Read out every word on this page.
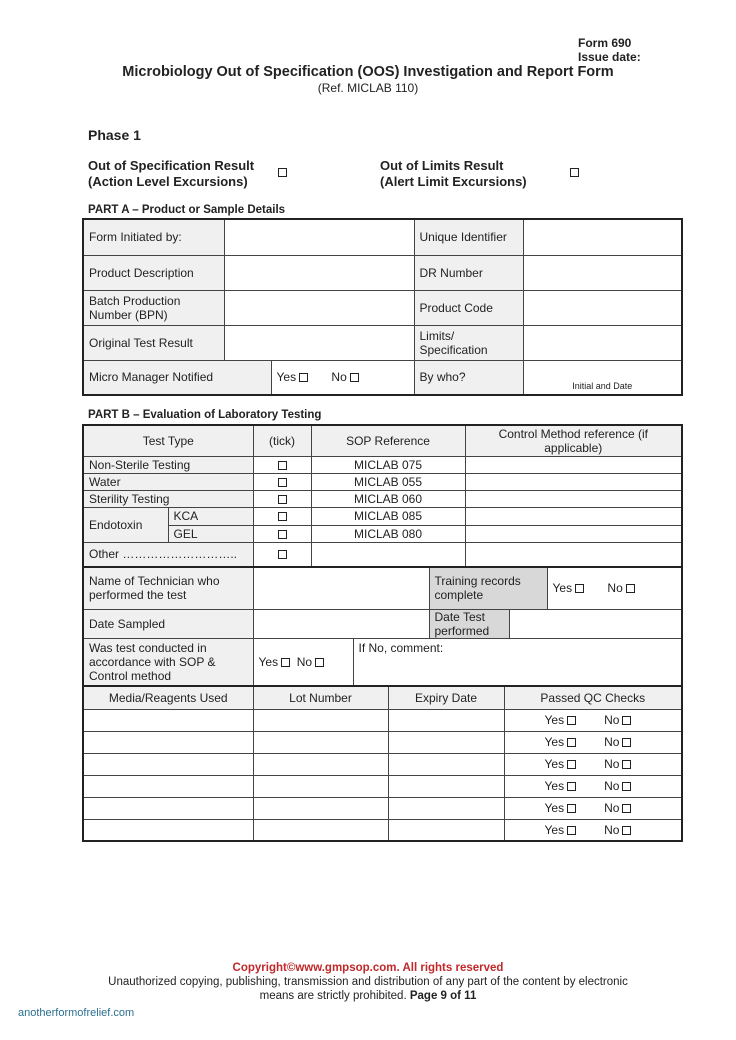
Form 690
Issue date:
Microbiology Out of Specification (OOS) Investigation and Report Form
(Ref. MICLAB 110)
Phase 1
Out of Specification Result
(Action Level Excursions)
Out of Limits Result
(Alert Limit Excursions)
PART A – Product or Sample Details
Form Initiated by:			Unique Identifier	
Product Description			DR Number	
Batch Production Number (BPN)			Product Code	
Original Test Result			Limits/ Specification	
Micro Manager Notified		Yes No	By who?	Initial and Date
PART B – Evaluation of Laboratory Testing
Test Type		(tick)	SOP Reference	Control Method reference (if applicable)
Non-Sterile Testing			MICLAB 075	
Water			MICLAB 055	
Sterility Testing			MICLAB 060	
Endotoxin	KCA		MICLAB 085	
	GEL		MICLAB 080	
Other ………………………..				
Name of Technician who performed the test			Training records complete		Yes No
Date Sampled			Date Test performed		
Was test conducted in accordance with SOP & Control method	Yes No	If No, comment:			
Media/Reagents Used	Lot Number	Expiry Date	Passed QC Checks
			Yes No
			Yes No
			Yes No
			Yes No
			Yes No
			Yes No
Copyright©www.gmpsop.com. All rights reserved
Unauthorized copying, publishing, transmission and distribution of any part of the content by electronic
means are strictly prohibited. Page 9 of 11
anotherformofrelief.com
